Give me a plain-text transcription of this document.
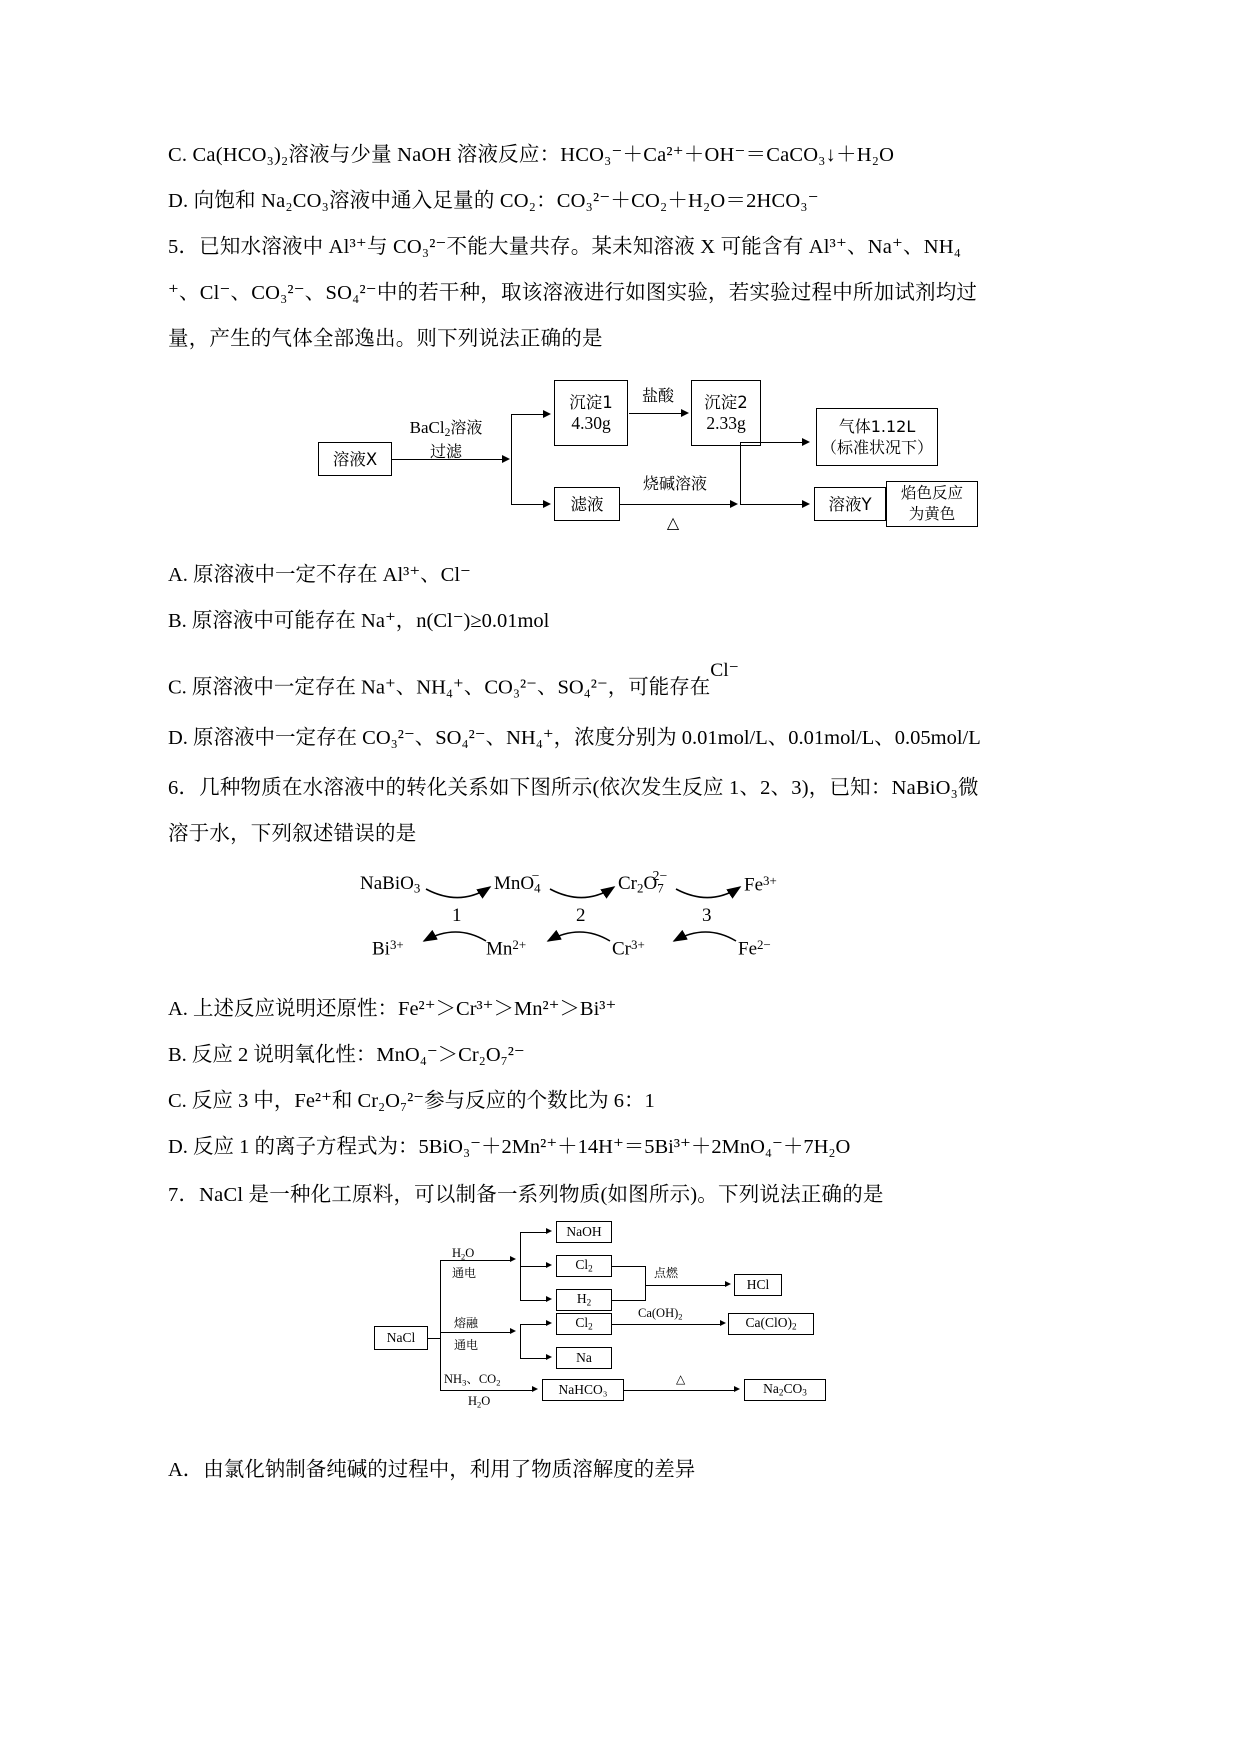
C. Ca(HCO₃)₂溶液与少量 NaOH 溶液反应：HCO₃⁻＋Ca²⁺＋OH⁻＝CaCO₃↓＋H₂O
D. 向饱和 Na₂CO₃溶液中通入足量的 CO₂：CO₃²⁻＋CO₂＋H₂O＝2HCO₃⁻
5．已知水溶液中 Al³⁺与 CO₃²⁻不能大量共存。某未知溶液 X 可能含有 Al³⁺、Na⁺、NH₄
⁺、Cl⁻、CO₃²⁻、SO₄²⁻中的若干种，取该溶液进行如图实验，若实验过程中所加试剂均过
量，产生的气体全部逸出。则下列说法正确的是
溶液X
BaCl$_2$溶液
过滤
沉淀1
4.30g
盐酸	沉淀2
2.33g	气体1.12L
（标准状况下）
滤液
烧碱溶液
△
溶液Y
焰色反应
为黄色
A. 原溶液中一定不存在 Al³⁺、Cl⁻
B. 原溶液中可能存在 Na⁺，n(Cl⁻)≥0.01mol
C. 原溶液中一定存在 Na⁺、NH₄⁺、CO₃²⁻、SO₄²⁻，可能存在Cl⁻
D. 原溶液中一定存在 CO₃²⁻、SO₄²⁻、NH₄⁺，浓度分别为 0.01mol/L、0.01mol/L、0.05mol/L
6．几种物质在水溶液中的转化关系如下图所示(依次发生反应 1、2、3)，已知：NaBiO₃微
溶于水，下列叙述错误的是
NaBiO$_3$	MnO$_4$−	$Cr_2O_7^{2-}$	$Fe^{3+}$
$Bi^{3+}$	$Mn^{2+}$	$Cr^{3+}$	$Fe^{2-}$
1	2	3
A. 上述反应说明还原性：Fe²⁺＞Cr³⁺＞Mn²⁺＞Bi³⁺
B. 反应 2 说明氧化性：MnO₄⁻＞Cr₂O₇²⁻
C. 反应 3 中，Fe²⁺和 Cr₂O₇²⁻参与反应的个数比为 6：1
D. 反应 1 的离子方程式为：5BiO₃⁻＋2Mn²⁺＋14H⁺＝5Bi³⁺＋2MnO₄⁻＋7H₂O
7．NaCl 是一种化工原料，可以制备一系列物质(如图所示)。下列说法正确的是
NaCl
$H_2O$
通电
NaOH
$Cl_2$
$H_2$
点燃
HCl
熔融
通电
$Cl_2$
Na
$Ca(OH)_2$	$Ca(ClO)_2$
$NH_3$、$CO_2$
$H_2O$
NaHCO₃
△
$Na_2CO_3$
A．由氯化钠制备纯碱的过程中，利用了物质溶解度的差异
